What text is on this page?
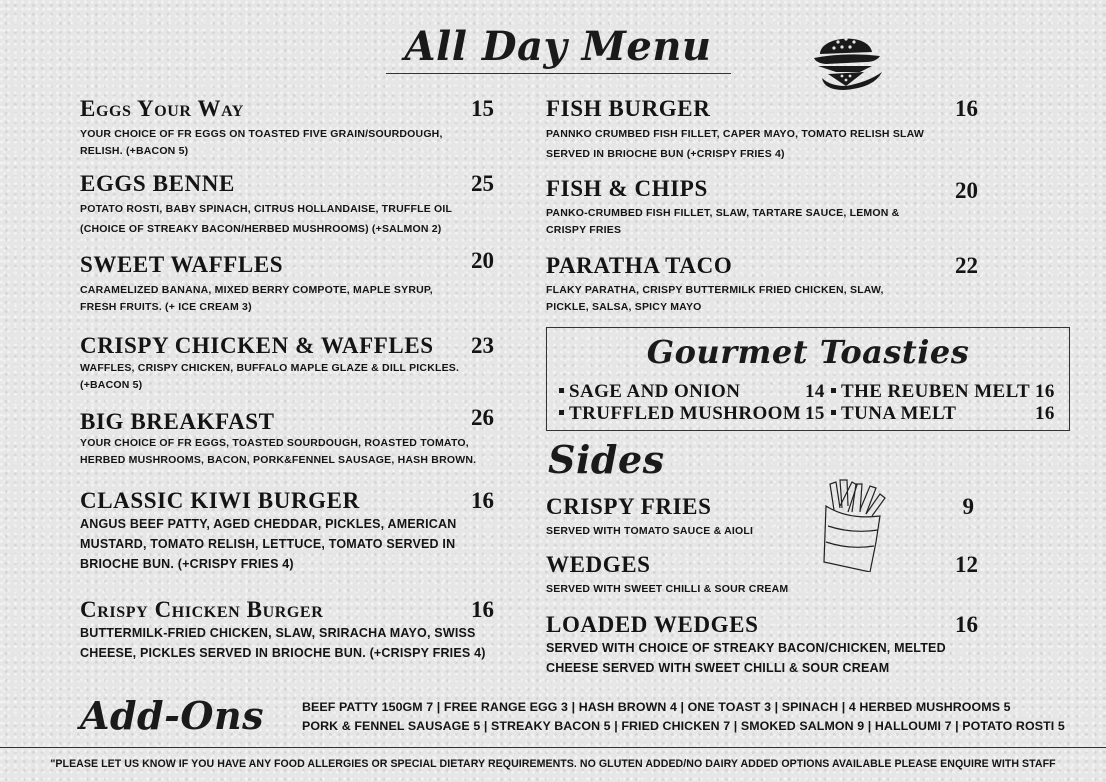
All Day Menu
Eggs Your Way	15
YOUR CHOICE OF FR EGGS ON TOASTED FIVE GRAIN/SOURDOUGH,
RELISH. (+BACON 5)
EGGS BENNE	25
POTATO ROSTI, BABY SPINACH, CITRUS HOLLANDAISE, TRUFFLE OIL
(CHOICE OF STREAKY BACON/HERBED MUSHROOMS) (+SALMON 2)
SWEET WAFFLES	20
CARAMELIZED BANANA, MIXED BERRY COMPOTE, MAPLE SYRUP,
FRESH FRUITS. (+ ICE CREAM 3)
CRISPY CHICKEN & WAFFLES	23
WAFFLES, CRISPY CHICKEN, BUFFALO MAPLE GLAZE & DILL PICKLES.
(+BACON 5)
BIG BREAKFAST	26
YOUR CHOICE OF FR EGGS, TOASTED SOURDOUGH, ROASTED TOMATO,
HERBED MUSHROOMS, BACON, PORK&FENNEL SAUSAGE, HASH BROWN.
CLASSIC KIWI BURGER	16
ANGUS BEEF PATTY, AGED CHEDDAR, PICKLES, AMERICAN
MUSTARD, TOMATO RELISH, LETTUCE, TOMATO SERVED IN
BRIOCHE BUN. (+CRISPY FRIES 4)
Crispy Chicken Burger	16
BUTTERMILK-FRIED CHICKEN, SLAW, SRIRACHA MAYO, SWISS
CHEESE, PICKLES SERVED IN BRIOCHE BUN. (+CRISPY FRIES 4)
FISH BURGER	16
PANNKO CRUMBED FISH FILLET, CAPER MAYO, TOMATO RELISH SLAW
SERVED IN BRIOCHE BUN (+CRISPY FRIES 4)
FISH & CHIPS	20
PANKO-CRUMBED FISH FILLET, SLAW, TARTARE SAUCE, LEMON &
CRISPY FRIES
PARATHA TACO	22
FLAKY PARATHA, CRISPY BUTTERMILK FRIED CHICKEN, SLAW,
PICKLE, SALSA, SPICY MAYO
Gourmet Toasties
SAGE AND ONION	14 THE REUBEN MELT 16
TRUFFLED MUSHROOM 15 TUNA MELT	16
Sides
CRISPY FRIES	9
SERVED WITH TOMATO SAUCE & AIOLI
WEDGES	12
SERVED WITH SWEET CHILLI & SOUR CREAM
LOADED WEDGES	16
SERVED WITH CHOICE OF STREAKY BACON/CHICKEN, MELTED
CHEESE SERVED WITH SWEET CHILLI & SOUR CREAM
Add-Ons	BEEF PATTY 150GM 7 | FREE RANGE EGG 3 | HASH BROWN 4 | ONE TOAST 3 | SPINACH | 4 HERBED MUSHROOMS 5
PORK & FENNEL SAUSAGE 5 | STREAKY BACON 5 | FRIED CHICKEN 7 | SMOKED SALMON 9 | HALLOUMI 7 | POTATO ROSTI 5
"PLEASE LET US KNOW IF YOU HAVE ANY FOOD ALLERGIES OR SPECIAL DIETARY REQUIREMENTS. NO GLUTEN ADDED/NO DAIRY ADDED OPTIONS AVAILABLE PLEASE ENQUIRE WITH STAFF
